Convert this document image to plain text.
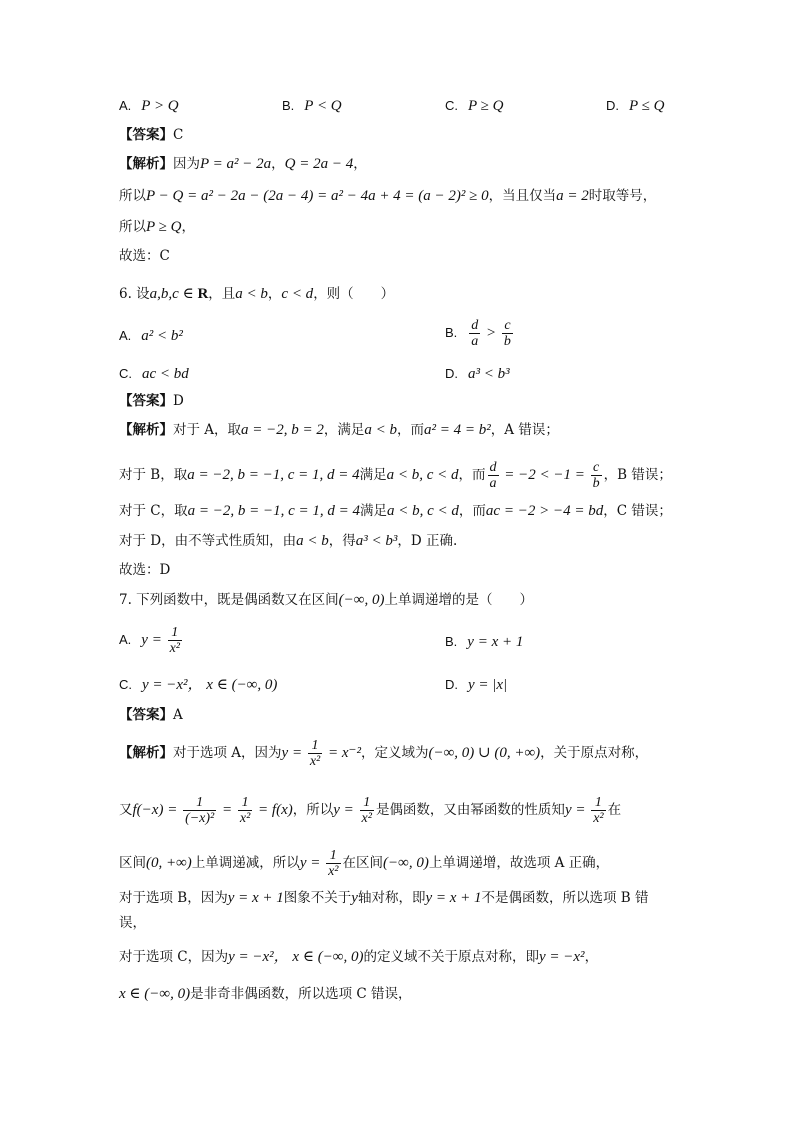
A. P > Q	B. P < Q	C. P ≥ Q	D. P ≤ Q
【答案】C
【解析】因为P = a² − 2a，Q = 2a − 4，
所以P − Q = a² − 2a − (2a − 4) = a² − 4a + 4 = (a − 2)² ≥ 0，当且仅当a = 2时取等号，
所以P ≥ Q，
故选：C
6. 设a,b,c ∈ R，且a < b，c < d，则（　　）
A. a² < b²	B. $\frac{d}{a} > \frac{c}{b}$
C. ac < bd	D. a³ < b³
【答案】D
【解析】对于 A，取a = −2, b = 2，满足a < b，而a² = 4 = b²，A 错误；
对于 B，取a = −2, b = −1, c = 1, d = 4满足a < b, c < d，而 $\frac{d}{a} = -2 < -1 = \frac{c}{b}$ ，B 错误；
对于 C，取a = −2, b = −1, c = 1, d = 4满足a < b, c < d，而ac = −2 > −4 = bd，C 错误；
对于 D，由不等式性质知，由a < b，得a³ < b³，D 正确.
故选：D
7. 下列函数中，既是偶函数又在区间(−∞, 0)上单调递增的是（　　）
A. $y = \frac{1}{\text{x²}}$	B. y = x + 1
C. y = −x²， x ∈ (−∞, 0)	D. y = |x|
【答案】A
【解析】对于选项 A，因为$y = \frac{1}{\text{x²}} = x^{-2}$，定义域为(−∞, 0) ∪ (0, +∞)，关于原点对称，
又$f(-x) = \frac{1}{\text{(−x)²}} = \frac{1}{\text{x²}} = f(x)$，所以$y = \frac{1}{\text{x²}}$ 是偶函数，又由幂函数的性质知$y = \frac{1}{\text{x²}}$ 在
区间(0, +∞)上单调递减，所以$y = \frac{1}{\text{x²}}$ 在区间(−∞, 0)上单调递增，故选项 A 正确，
对于选项 B，因为y = x + 1图象不关于y轴对称，即y = x + 1不是偶函数，所以选项 B 错
误，
对于选项 C，因为y = −x²， x ∈ (−∞, 0)的定义域不关于原点对称，即y = −x²，
x ∈ (−∞, 0)是非奇非偶函数，所以选项 C 错误，
